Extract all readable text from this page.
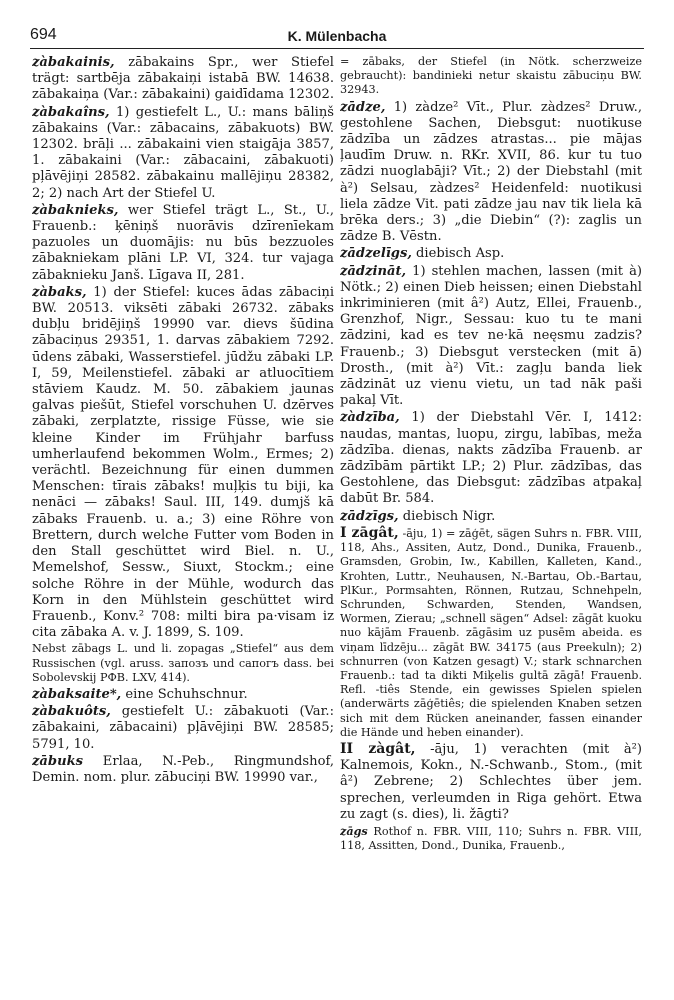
694	K. Mülenbacha

zàbakainis, zābakains Spr., wer Stiefel trägt: sartbēja zābakaiņi istabā BW. 14638. zābakaiņa (Var.: zābakaini) gaidīdama 12302.

zàbakaîns, 1) gestiefelt L., U.: mans bāliņš zābakains (Var.: zābacains, zābakuots) BW. 12302. brāļi ... zābakaini vien staigāja 3857, 1. zābakaini (Var.: zābacaini, zābakuoti) pļāvējiņi 28582. zābakainu mallējiņu 28382, 2; 2) nach Art der Stiefel U.

zàbaknieks, wer Stiefel trägt L., St., U., Frauenb.: ķēniņš nuorāvis dzīrenīekam pazuoles un duomājis: nu būs bezzuoles zābakniekam plāni LP. VI, 324. tur vajaga zābaknieku Janš. Līgava II, 281.

zàbaks, 1) der Stiefel: kuces ādas zābaciņi BW. 20513. viksēti zābaki 26732. zābaks dubļu bridējiņš 19990 var. dievs šūdina zābaciņus 29351, 1. darvas zābakiem 7292. ūdens zābaki, Wasserstiefel. jūdžu zābaki LP. I, 59, Meilenstiefel. zābaki ar atluocītiem stāviem Kaudz. M. 50. zābakiem jaunas galvas piešūt, Stiefel vorschuhen U. dzērves zābaki, zerplatzte, rissige Füsse, wie sie kleine Kinder im Frühjahr barfuss umherlaufend bekommen Wolm., Ermes; 2) verächtl. Bezeichnung für einen dummen Menschen: tīrais zābaks! muļķis tu biji, ka nenāci — zābaks! Saul. III, 149. dumjš kā zābaks Frauenb. u. a.; 3) eine Röhre von Brettern, durch welche Futter vom Boden in den Stall geschüttet wird Biel. n. U., Memelshof, Sessw., Siuxt, Stockm.; eine solche Röhre in der Mühle, wodurch das Korn in den Mühlstein geschüttet wird Frauenb., Konv.² 708: milti bira pa·visam iz cita zābaka A. v. J. 1899, S. 109.

Nebst zābags L. und li. zopagas „Stiefel“ aus dem Russischen (vgl. aruss. запозъ und сапогъ dass. bei Sobolevskij РФВ. LXV, 414).

zàbaksaite*, eine Schuhschnur.

zàbakuôts, gestiefelt U.: zābakuoti (Var.: zābakaini, zābacaini) pļāvējiņi BW. 28585; 5791, 10.

zābuks Erlaa, N.-Peb., Ringmundshof, Demin. nom. plur. zābuciņi BW. 19990 var.,

= zābaks, der Stiefel (in Nötk. scherzweize gebraucht): bandinieki netur skaistu zābuciņu BW. 32943.

zādze, 1) zàdze² Vīt., Plur. zàdzes² Druw., gestohlene Sachen, Diebsgut: nuotikuse zādzība un zādzes atrastas... pie mājas ļaudīm Druw. n. RKr. XVII, 86. kur tu tuo zādzi nuoglabāji? Vīt.; 2) der Diebstahl (mit à²) Selsau, zàdzes² Heidenfeld: nuotikusi liela zādze Vit. pati zādze jau nav tik liela kā brēka ders.; 3) „die Diebin“ (?): zaglis un zādze B. Vēstn.

zādzelīgs, diebisch Asp.

zādzināt, 1) stehlen machen, lassen (mit à) Nötk.; 2) einen Dieb heissen; einen Diebstahl inkriminieren (mit â²) Autz, Ellei, Frauenb., Grenzhof, Nigr., Sessau: kuo tu te mani zādzini, kad es tev ne·kā neęsmu zadzis? Frauenb.; 3) Diebsgut verstecken (mit ā) Drosth., (mit à²) Vīt.: zagļu banda liek zādzināt uz vienu vietu, un tad nāk paši pakaļ Vīt.

zàdzība, 1) der Diebstahl Vēr. I, 1412: naudas, mantas, luopu, zirgu, labības, meža zādzība. dienas, nakts zādzība Frauenb. ar zādzībām pārtikt LP.; 2) Plur. zādzības, das Gestohlene, das Diebsgut: zādzības atpakaļ dabūt Br. 584.

zādzīgs, diebisch Nigr.

I zāgât, -āju, 1) = zāģēt, sägen Suhrs n. FBR. VIII, 118, Ahs., Assiten, Autz, Dond., Dunika, Frauenb., Gramsden, Grobin, Iw., Kabillen, Kalleten, Kand., Krohten, Luttr., Neuhausen, N.-Bartau, Ob.-Bartau, PlKur., Pormsahten, Rönnen, Rutzau, Schnehpeln, Schrunden, Schwarden, Stenden, Wandsen, Wormen, Zierau; „schnell sägen“ Adsel: zāgāt kuoku nuo kājām Frauenb. zāgāsim uz pusēm abeida. es viņam līdzēju... zāgāt BW. 34175 (aus Preekuln); 2) schnurren (von Katzen gesagt) V.; stark schnarchen Frauenb.: tad ta dikti Miķelis gultā zāgā! Frauenb. Refl. -tiês Stende, ein gewisses Spielen spielen (anderwärts zāģētiês; die spielenden Knaben setzen sich mit dem Rücken aneinander, fassen einander die Hände und heben einander).

II zàgât, -āju, 1) verachten (mit à²) Kalnemois, Kokn., N.-Schwanb., Stom., (mit â²) Zebrene; 2) Schlechtes über jem. sprechen, verleumden in Riga gehört. Etwa zu zagt (s. dies), li. žāgti?

zāgs Rothof n. FBR. VIII, 110; Suhrs n. FBR. VIII, 118, Assitten, Dond., Dunika, Frauenb.,
